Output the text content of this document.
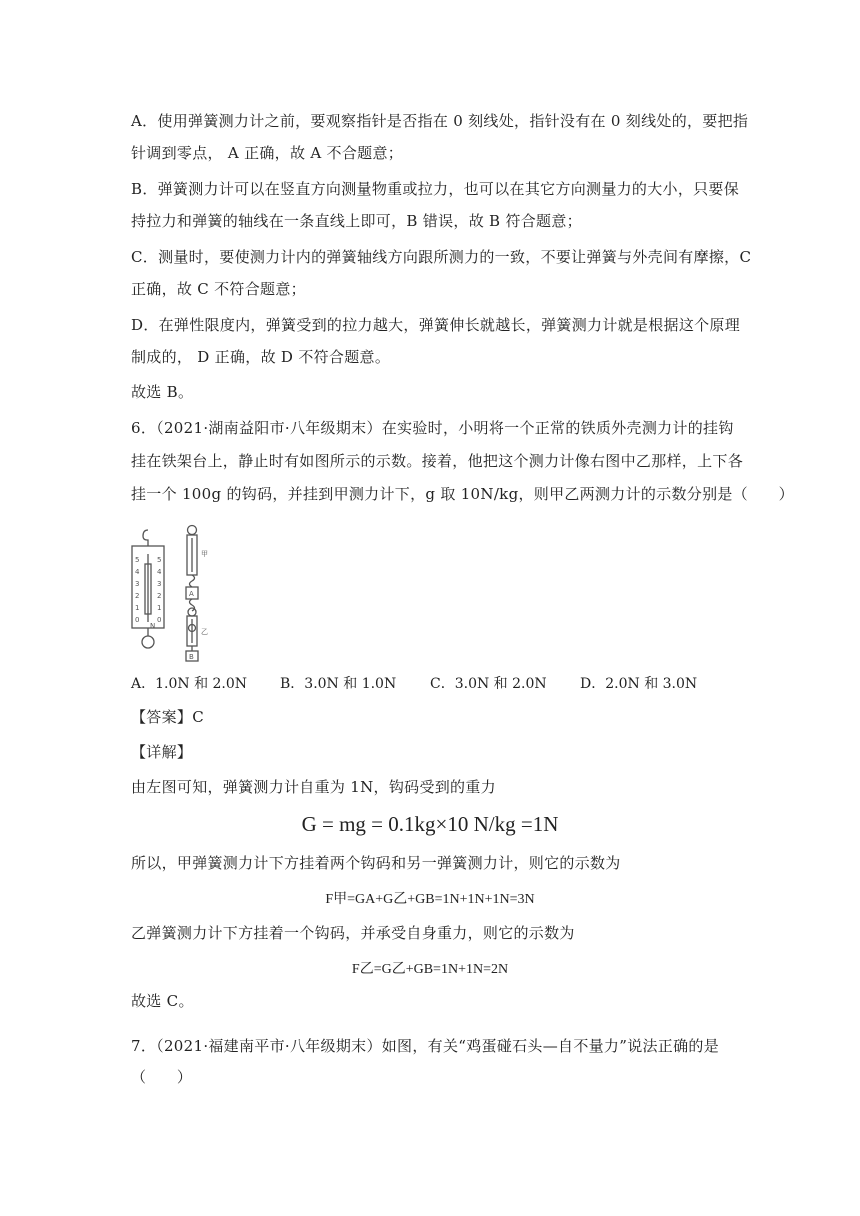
A．使用弹簧测力计之前，要观察指针是否指在 0 刻线处，指针没有在 0 刻线处的，要把指

针调到零点， A 正确，故 A 不合题意；

B．弹簧测力计可以在竖直方向测量物重或拉力，也可以在其它方向测量力的大小，只要保

持拉力和弹簧的轴线在一条直线上即可，B 错误，故 B 符合题意；

C．测量时，要使测力计内的弹簧轴线方向跟所测力的一致，不要让弹簧与外壳间有摩擦，C

正确，故 C 不符合题意；

D．在弹性限度内，弹簧受到的拉力越大，弹簧伸长就越长，弹簧测力计就是根据这个原理

制成的， D 正确，故 D 不符合题意。

故选 B。

6．（2021·湖南益阳市·八年级期末）在实验时，小明将一个正常的铁质外壳测力计的挂钩

挂在铁架台上，静止时有如图所示的示数。接着，他把这个测力计像右图中乙那样，上下各

挂一个 100g 的钩码，并挂到甲测力计下，g 取 10N/kg，则甲乙两测力计的示数分别是（　　）

5
4
3
2
1
0
5
4
3
2
1
0
N
甲
A
乙
B
A．1.0N 和 2.0N B．3.0N 和 1.0N C．3.0N 和 2.0N D．2.0N 和 3.0N

【答案】C

【详解】

由左图可知，弹簧测力计自重为 1N，钩码受到的重力

G = mg = 0.1kg×10 N/kg =1N

所以，甲弹簧测力计下方挂着两个钩码和另一弹簧测力计，则它的示数为

F甲=GA+G乙+GB=1N+1N+1N=3N

乙弹簧测力计下方挂着一个钩码，并承受自身重力，则它的示数为

F乙=G乙+GB=1N+1N=2N

故选 C。

7．（2021·福建南平市·八年级期末）如图，有关“鸡蛋碰石头—自不量力”说法正确的是

（　　）
